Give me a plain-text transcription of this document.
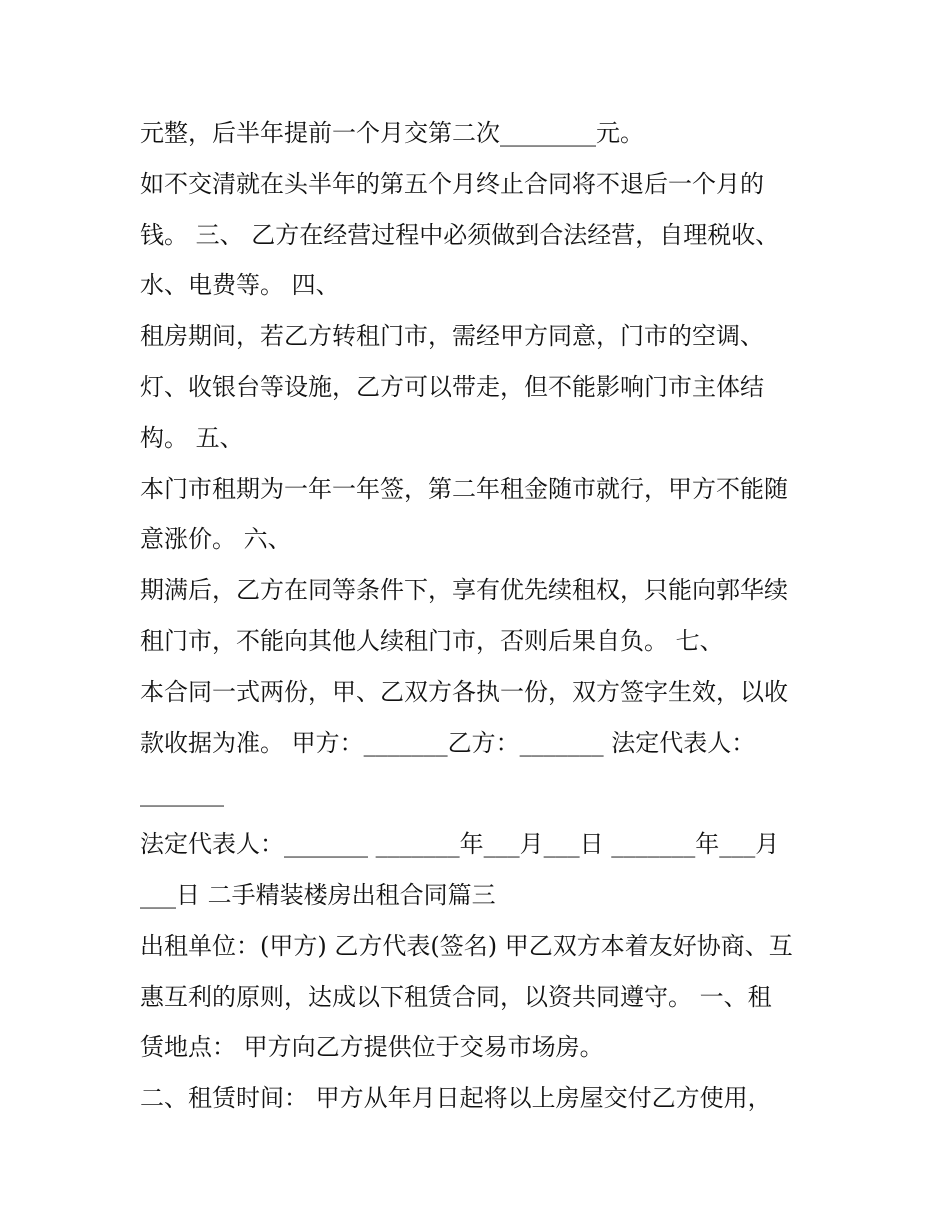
元整，后半年提前一个月交第二次________元。
如不交清就在头半年的第五个月终止合同将不退后一个月的
钱。 三、 乙方在经营过程中必须做到合法经营，自理税收、
水、电费等。 四、
租房期间，若乙方转租门市，需经甲方同意，门市的空调、
灯、收银台等设施，乙方可以带走，但不能影响门市主体结
构。 五、
本门市租期为一年一年签，第二年租金随市就行，甲方不能随
意涨价。 六、
期满后，乙方在同等条件下，享有优先续租权，只能向郭华续
租门市，不能向其他人续租门市，否则后果自负。 七、
本合同一式两份，甲、乙双方各执一份，双方签字生效，以收
款收据为准。 甲方：_______乙方：_______ 法定代表人：
_______
法定代表人：_______ _______年___月___日 _______年___月
___日 二手精装楼房出租合同篇三
出租单位：(甲方) 乙方代表(签名) 甲乙双方本着友好协商、互
惠互利的原则，达成以下租赁合同，以资共同遵守。 一、租
赁地点： 甲方向乙方提供位于交易市场房。
二、租赁时间： 甲方从年月日起将以上房屋交付乙方使用，
